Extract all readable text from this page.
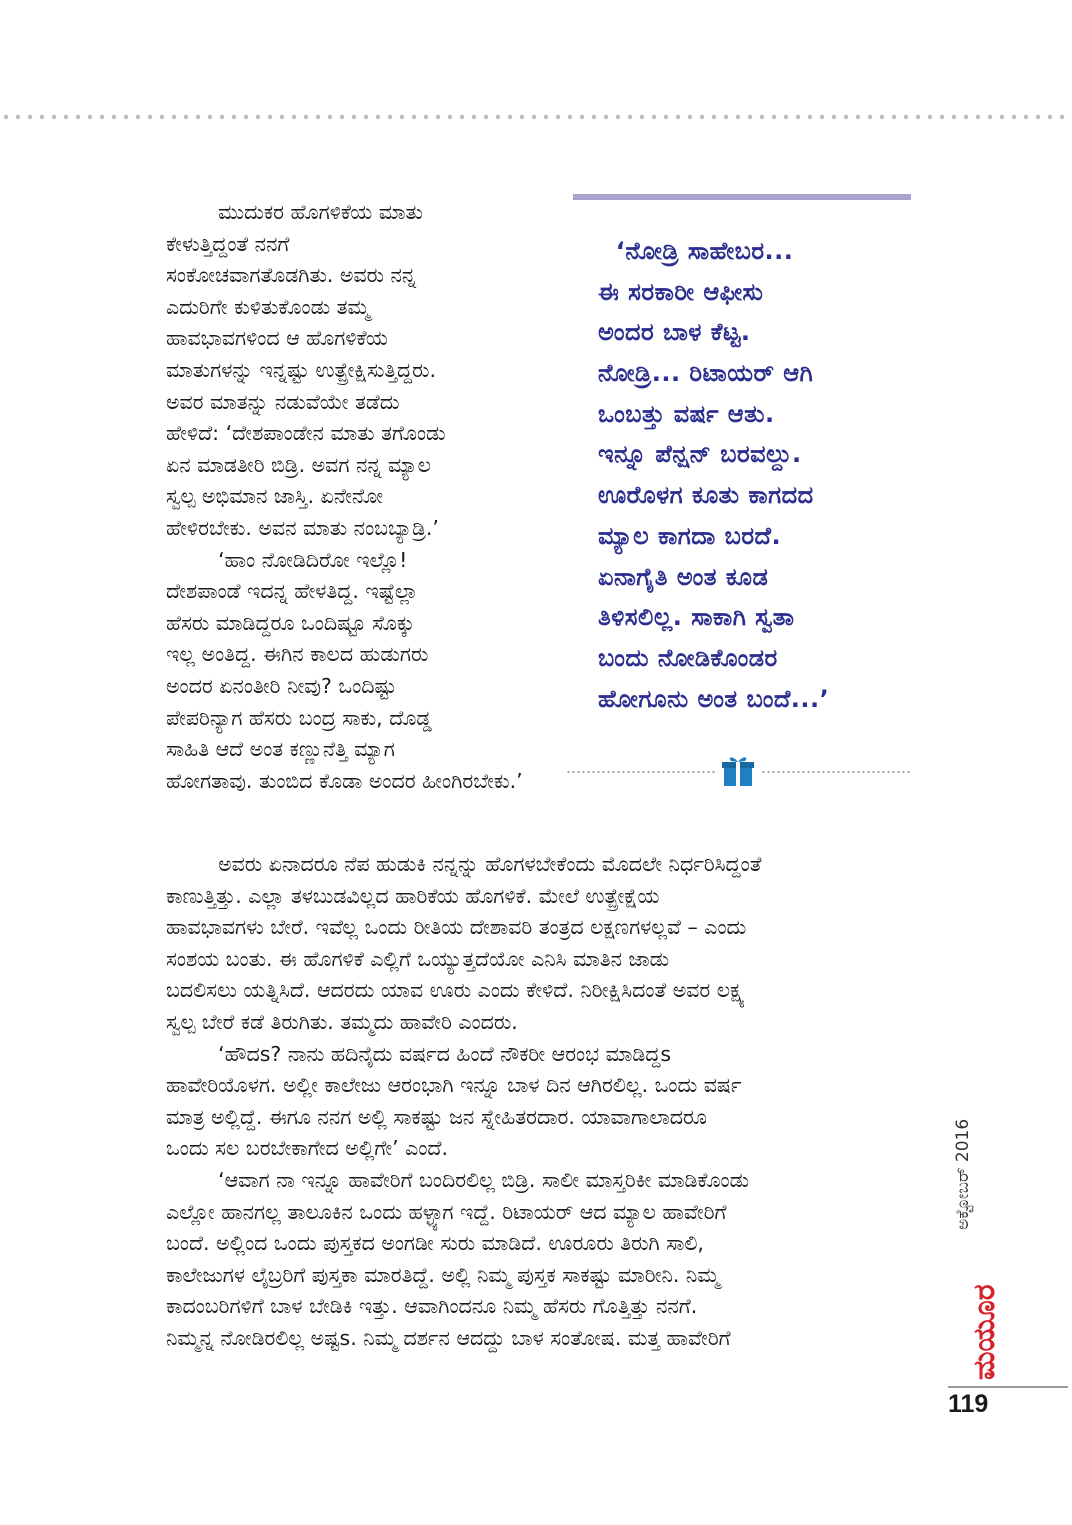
ಮುದುಕರ ಹೊಗಳಿಕೆಯ ಮಾತು
ಕೇಳುತ್ತಿದ್ದಂತೆ ನನಗೆ
ಸಂಕೋಚವಾಗತೊಡಗಿತು. ಅವರು ನನ್ನ
ಎದುರಿಗೇ ಕುಳಿತುಕೊಂಡು ತಮ್ಮ
ಹಾವಭಾವಗಳಿಂದ ಆ ಹೊಗಳಿಕೆಯ
ಮಾತುಗಳನ್ನು ಇನ್ನಷ್ಟು ಉತ್ಪ್ರೇಕ್ಷಿಸುತ್ತಿದ್ದರು.
ಅವರ ಮಾತನ್ನು ನಡುವೆಯೇ ತಡೆದು
ಹೇಳಿದೆ: ‘ದೇಶಪಾಂಡೇನ ಮಾತು ತಗೊಂಡು
ಏನ ಮಾಡತೀರಿ ಬಿಡ್ರಿ. ಅವಗ ನನ್ನ ಮ್ಯಾಲ
ಸ್ವಲ್ಪ ಅಭಿಮಾನ ಜಾಸ್ತಿ. ಏನೇನೋ
ಹೇಳಿರಬೇಕು. ಅವನ ಮಾತು ನಂಬಬ್ಯಾಡ್ರಿ.’
‘ಹಾಂ ನೋಡಿದಿರೋ ಇಲ್ಲೊ!
ದೇಶಪಾಂಡೆ ಇದನ್ನ ಹೇಳತಿದ್ದ. ಇಷ್ಟೆಲ್ಲಾ
ಹೆಸರು ಮಾಡಿದ್ದರೂ ಒಂದಿಷ್ಟೂ ಸೊಕ್ಕು
ಇಲ್ಲ ಅಂತಿದ್ದ. ಈಗಿನ ಕಾಲದ ಹುಡುಗರು
ಅಂದರ ಏನಂತೀರಿ ನೀವು? ಒಂದಿಷ್ಟು
ಪೇಪರಿನ್ಯಾಗ ಹೆಸರು ಬಂದ್ರ ಸಾಕು, ದೊಡ್ಡ
ಸಾಹಿತಿ ಆದೆ ಅಂತ ಕಣ್ಣುನೆತ್ತಿ ಮ್ಯಾಗ
ಹೋಗತಾವು. ತುಂಬಿದ ಕೊಡಾ ಅಂದರ ಹೀಂಗಿರಬೇಕು.’
‘ನೋಡ್ರಿ ಸಾಹೇಬರ...
ಈ ಸರಕಾರೀ ಆಫೀಸು
ಅಂದರ ಬಾಳ ಕೆಟ್ಟ.
ನೋಡ್ರಿ... ರಿಟಾಯರ್ ಆಗಿ
ಒಂಬತ್ತು ವರ್ಷ ಆತು.
ಇನ್ನೂ ಪೆನ್ಷನ್ ಬರವಲ್ದು.
ಊರೊಳಗ ಕೂತು ಕಾಗದದ
ಮ್ಯಾಲ ಕಾಗದಾ ಬರದೆ.
ಏನಾಗೈತಿ ಅಂತ ಕೂಡ
ತಿಳಿಸಲಿಲ್ಲ. ಸಾಕಾಗಿ ಸ್ವತಾ
ಬಂದು ನೋಡಿಕೊಂಡರ
ಹೋಗೂನು ಅಂತ ಬಂದೆ...’
ಅವರು ಏನಾದರೂ ನೆಪ ಹುಡುಕಿ ನನ್ನನ್ನು ಹೊಗಳಬೇಕೆಂದು ಮೊದಲೇ ನಿರ್ಧರಿಸಿದ್ದಂತೆ
ಕಾಣುತ್ತಿತ್ತು. ಎಲ್ಲಾ ತಳಬುಡವಿಲ್ಲದ ಹಾರಿಕೆಯ ಹೊಗಳಿಕೆ. ಮೇಲೆ ಉತ್ಪ್ರೇಕ್ಷೆಯ
ಹಾವಭಾವಗಳು ಬೇರೆ. ಇವೆಲ್ಲ ಒಂದು ರೀತಿಯ ದೇಶಾವರಿ ತಂತ್ರದ ಲಕ್ಷಣಗಳಲ್ಲವೆ – ಎಂದು
ಸಂಶಯ ಬಂತು. ಈ ಹೊಗಳಿಕೆ ಎಲ್ಲಿಗೆ ಒಯ್ಯುತ್ತದೆಯೋ ಎನಿಸಿ ಮಾತಿನ ಜಾಡು
ಬದಲಿಸಲು ಯತ್ನಿಸಿದೆ. ಆದರದು ಯಾವ ಊರು ಎಂದು ಕೇಳಿದೆ. ನಿರೀಕ್ಷಿಸಿದಂತೆ ಅವರ ಲಕ್ಷ್ಯ
ಸ್ವಲ್ಪ ಬೇರೆ ಕಡೆ ತಿರುಗಿತು. ತಮ್ಮದು ಹಾವೇರಿ ಎಂದರು.
‘ಹೌದs? ನಾನು ಹದಿನೈದು ವರ್ಷದ ಹಿಂದೆ ನೌಕರೀ ಆರಂಭ ಮಾಡಿದ್ದs
ಹಾವೇರಿಯೊಳಗ. ಅಲ್ಲೀ ಕಾಲೇಜು ಆರಂಭಾಗಿ ಇನ್ನೂ ಬಾಳ ದಿನ ಆಗಿರಲಿಲ್ಲ. ಒಂದು ವರ್ಷ
ಮಾತ್ರ ಅಲ್ಲಿದ್ದೆ. ಈಗೂ ನನಗ ಅಲ್ಲಿ ಸಾಕಷ್ಟು ಜನ ಸ್ನೇಹಿತರದಾರ. ಯಾವಾಗಾಲಾದರೂ
ಒಂದು ಸಲ ಬರಬೇಕಾಗೇದ ಅಲ್ಲಿಗೇ’ ಎಂದೆ.
‘ಆವಾಗ ನಾ ಇನ್ನೂ ಹಾವೇರಿಗೆ ಬಂದಿರಲಿಲ್ಲ ಬಿಡ್ರಿ. ಸಾಲೀ ಮಾಸ್ತರಿಕೀ ಮಾಡಿಕೊಂಡು
ಎಲ್ಲೋ ಹಾನಗಲ್ಲ ತಾಲೂಕಿನ ಒಂದು ಹಳ್ಳ್ಯಾಗ ಇದ್ದೆ. ರಿಟಾಯರ್ ಆದ ಮ್ಯಾಲ ಹಾವೇರಿಗೆ
ಬಂದೆ. ಅಲ್ಲಿಂದ ಒಂದು ಪುಸ್ತಕದ ಅಂಗಡೀ ಸುರು ಮಾಡಿದೆ. ಊರೂರು ತಿರುಗಿ ಸಾಲಿ,
ಕಾಲೇಜುಗಳ ಲೈಬ್ರರಿಗೆ ಪುಸ್ತಕಾ ಮಾರತಿದ್ದೆ. ಅಲ್ಲಿ ನಿಮ್ಮ ಪುಸ್ತಕ ಸಾಕಷ್ಟು ಮಾರೀನಿ. ನಿಮ್ಮ
ಕಾದಂಬರಿಗಳಿಗೆ ಬಾಳ ಬೇಡಿಕಿ ಇತ್ತು. ಆವಾಗಿಂದನೂ ನಿಮ್ಮ ಹೆಸರು ಗೊತ್ತಿತ್ತು ನನಗೆ.
ನಿಮ್ಮನ್ನ ನೋಡಿರಲಿಲ್ಲ ಅಷ್ಟs. ನಿಮ್ಮ ದರ್ಶನ ಆದದ್ದು ಬಾಳ ಸಂತೋಷ. ಮತ್ತ ಹಾವೇರಿಗೆ
ಅಕ್ಟೋಬರ್ 2016
ಮಯೂರ
119
